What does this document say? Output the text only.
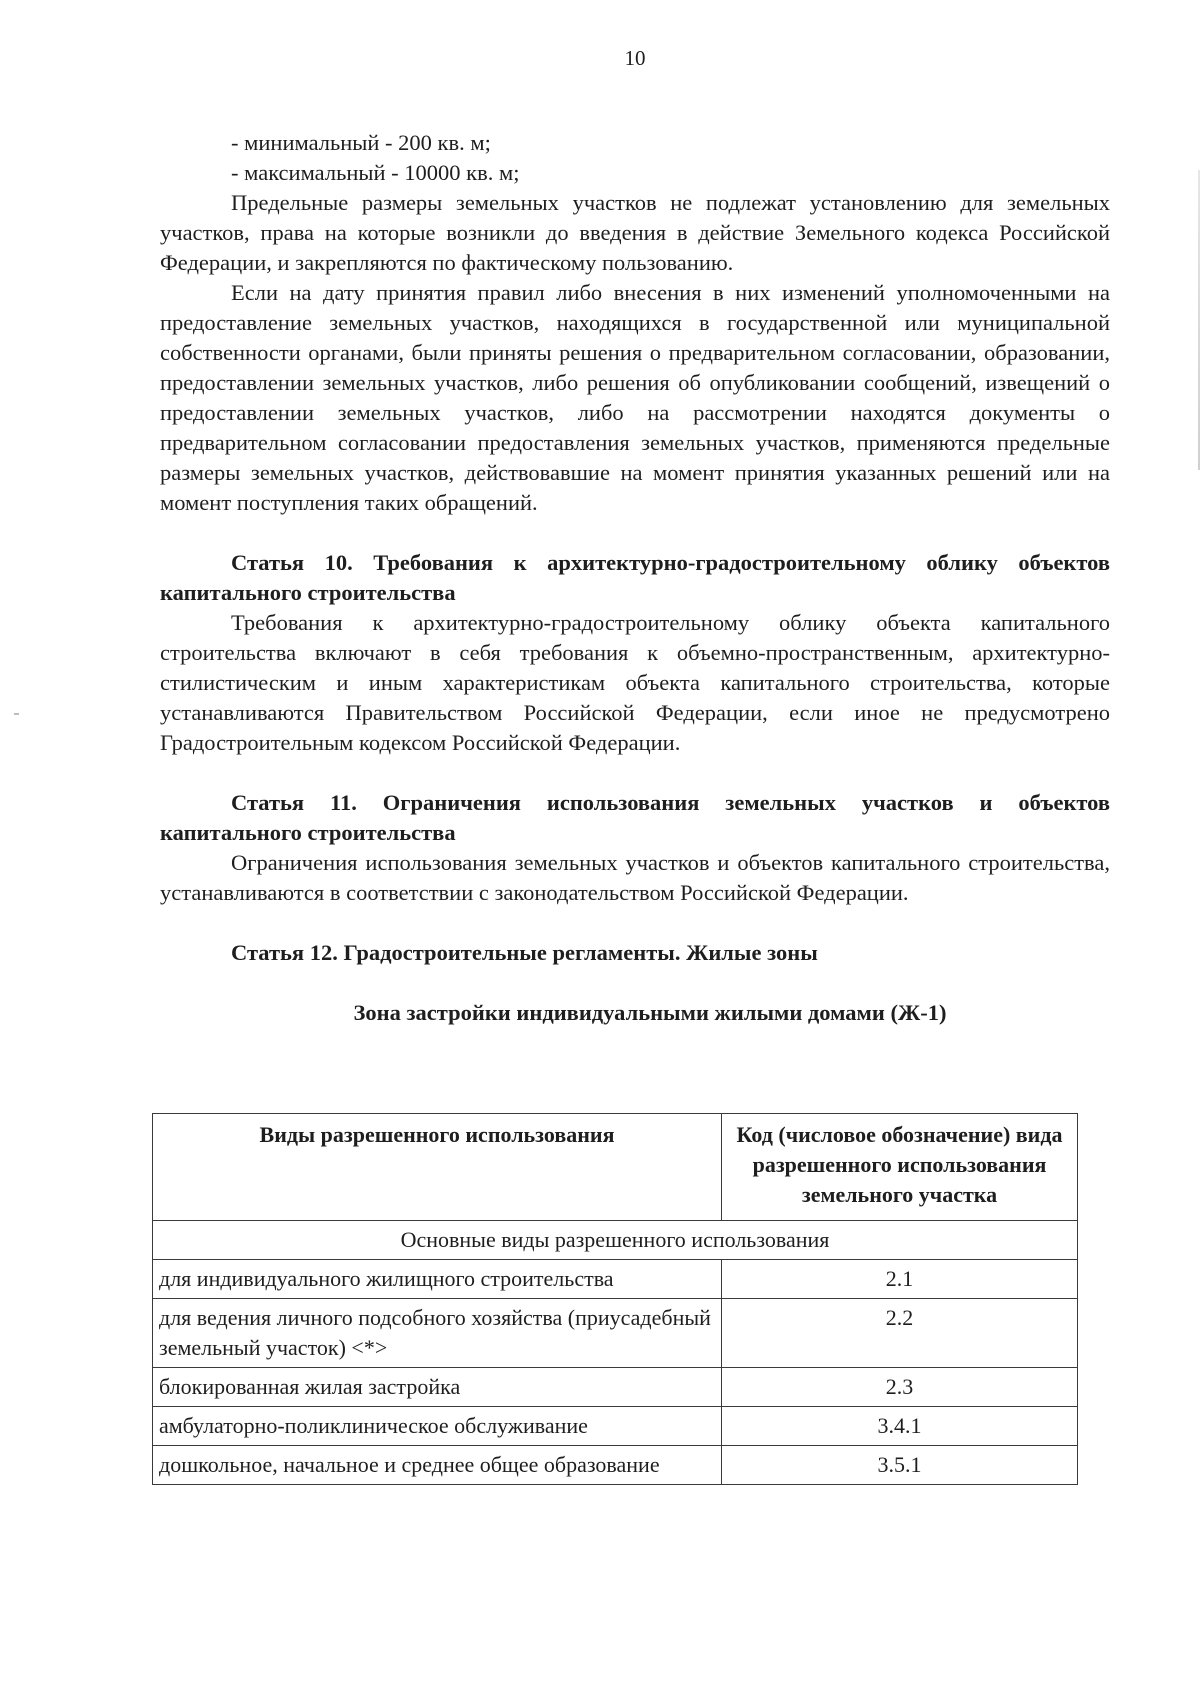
10

- минимальный - 200 кв. м;

- максимальный - 10000 кв. м;

Предельные размеры земельных участков не подлежат установлению для земельных участков, права на которые возникли до введения в действие Земельного кодекса Российской Федерации, и закрепляются по фактическому пользованию.

Если на дату принятия правил либо внесения в них изменений уполномоченными на предоставление земельных участков, находящихся в государственной или муниципальной собственности органами, были приняты решения о предварительном согласовании, образовании, предоставлении земельных участков, либо решения об опубликовании сообщений, извещений о предоставлении земельных участков, либо на рассмотрении находятся документы о предварительном согласовании предоставления земельных участков, применяются предельные размеры земельных участков, действовавшие на момент принятия указанных решений или на момент поступления таких обращений.

Статья 10. Требования к архитектурно-градостроительному облику объектов капитального строительства

Требования к архитектурно-градостроительному облику объекта капитального строительства включают в себя требования к объемно-пространственным, архитектурно-стилистическим и иным характеристикам объекта капитального строительства, которые устанавливаются Правительством Российской Федерации, если иное не предусмотрено Градостроительным кодексом Российской Федерации.

Статья 11. Ограничения использования земельных участков и объектов капитального строительства

Ограничения использования земельных участков и объектов капитального строительства, устанавливаются в соответствии с законодательством Российской Федерации.

Статья 12. Градостроительные регламенты. Жилые зоны

Зона застройки индивидуальными жилыми домами (Ж-1)

Виды разрешенного использования	Код (числовое обозначение) вида разрешенного использования земельного участка
Основные виды разрешенного использования	
для индивидуального жилищного строительства	2.1
для ведения личного подсобного хозяйства (приусадебный земельный участок) <*>	2.2
блокированная жилая застройка	2.3
амбулаторно-поликлиническое обслуживание	3.4.1
дошкольное, начальное и среднее общее образование	3.5.1
